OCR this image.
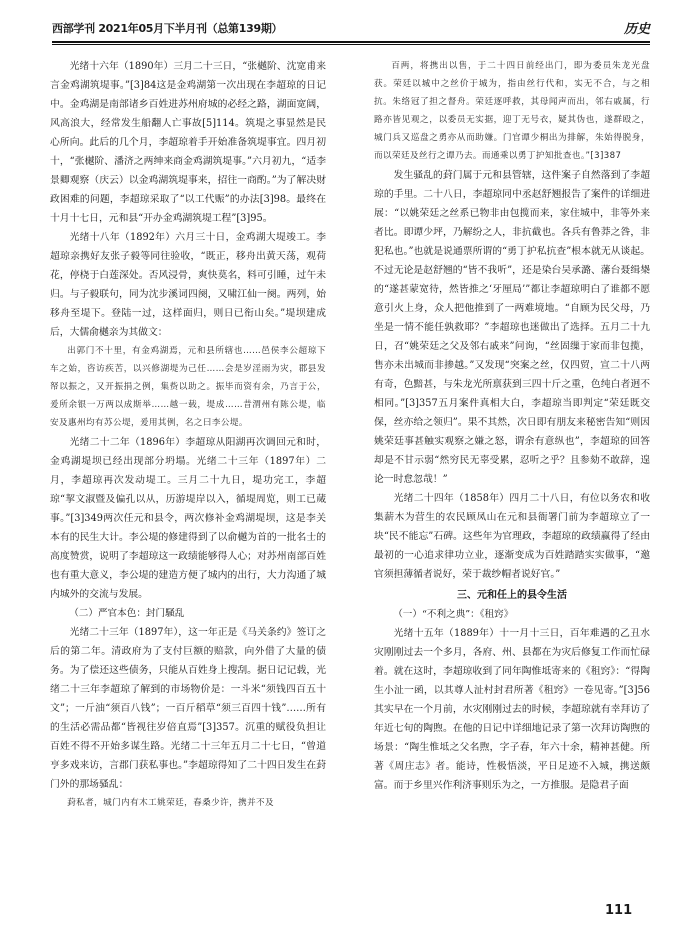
西部学刊 2021年05月下半月刊（总第139期）	历史

光绪十六年（1890年）三月二十三日，“张樾阶、沈宽甫来言金鸡湖筑堤事。”[3]84这是金鸡湖第一次出现在李超琼的日记中。金鸡湖是南部诸乡百姓进苏州府城的必经之路，湖面宽阔，风高浪大，经常发生船翻人亡事故[5]114。筑堤之事显然是民心所向。此后的几个月，李超琼着手开始准备筑堤事宜。四月初十，“张樾阶、潘济之两绅来商金鸡湖筑堤事。”六月初九，“适李景卿观察（庆云）以金鸡湖筑堤事来，招往一商酌。”为了解决财政困难的问题，李超琼采取了“以工代赈”的办法[3]98。最终在十月十七日，元和县“开办金鸡湖筑堤工程”[3]95。

光绪十八年（1892年）六月三十日，金鸡湖大堤竣工。李超琼亲携好友张子毅等同往验收，“既正，移舟出黄天荡，观荷花，停桡于白莲深处。否风浸骨，爽快莫名，料可引睡，过午未归。与子毅联句，同为沈步溪词四阕，又啸江仙一阕。两列，始移舟至堤下。登陆一过，这样面归，则日已衔山矣。”堤坝建成后，大儒俞樾亲为其做文：

出郭门不十里，有金鸡湖焉，元和县所辖也……邑侯李公超琼下车之始，咨访疾苦，以兴修湖堤为己任……会是岁淫雨为灾，郡县发帑以振之，又开振捐之例，集赀以助之。振毕而资有余，乃言于公，爰所余银一万两以成斯举……越一载，堤成……昔渭州有陈公堤，临安及惠州均有苏公堤，爰用其例，名之曰李公堤。

光绪二十二年（1896年）李超琼从阳湖再次调回元和时，金鸡湖堤坝已经出现部分坍塌。光绪二十三年（1897年）二月，李超琼再次发动堤工。三月二十九日，堤功完工，李超琼“挈文淑暨及偏孔以从，历游堤岸以入，循堤周览，则工已蒇事。”[3]349两次任元和县令，两次修补金鸡湖堤坝，这是李关本有的民生大计。李公堤的修建得到了以俞樾为首的一批名士的高度赞赏，说明了李超琼这一政绩能够得人心；对苏州南部百姓也有重大意义，李公堤的建造方便了城内的出行，大力沟通了城内城外的交流与发展。

（二）严官本色：封门騒乱

光绪二十三年（1897年），这一年正是《马关条约》签订之后的第二年。清政府为了支付巨额的赔款，向外借了大量的债务。为了偿还这些债务，只能从百姓身上搜刮。据日记记载，光绪二十三年李超琼了解到的市场物价是：一斗米“须钱四百五十文”；一斤油“须百八钱”；一百斤稻草“须三百四十钱”……所有的生活必需品都“皆视往岁倍直焉”[3]357。沉重的赋役负担让百姓不得不开始多谋生路。光绪二十三年五月二十七日，“曾道亨多戏来访，言郡门获私事也。”李超琼得知了二十四日发生在葑门外的那场骚乱：

葑私者，城门内有木工姚荣廷，春桑少许，携并不及

百两，将携出以售，于二十四日前经出门，即为委员朱龙光盘获。荣廷以城中之丝价于城为，指由丝行代和，实无不合，与之相抗。朱络冠了担之督舟。荣廷逐呼救，其母闻声而出，邻右戚属，行路亦皆见观之，以委员无实据，迎丁无号衣，疑其伪也，遂群殴之，城门兵又巡盘之勇亦从而助嫌。门官谭少桐出为排解，朱始得脱身，而以荣廷及丝行之谭乃去。而通乘以勇丁护知批查也。”[3]387

发生骚乱的葑门属于元和县管辖，这件案子自然落到了李超琼的手里。二十八日，李超琼同中丞赵舒翘报告了案件的详细进展：“以姚荣廷之丝系已物非由包揽而来，家住城中，非等外来者比。即谭少坪，乃解纷之人，非抗截也。各兵有鲁莽之咎，非犯私也。”也就是说通票所谓的“勇丁护私抗查”根本就无从谈起。不过无论是赵舒翘的“皆不我听”，还是染台吴承潞、藩台聂缉椝的“遂甚蒙宽待，然皆推之‘牙厘局’”都让李超琼明白了谁都不愿意引火上身，众人把他推到了一两难境地。“自顾为民父母，乃坐是一情不能任孰救耶？”李超琼也迷做出了选择。五月二十九日，召“姚荣廷之父及邻右戚来”问询，“丝固缫于家而非包揽，售亦未出城而非掺越。”又发现“突案之丝，仅四贸，宣二十八两有奇，色黯甚，与朱龙光所禀获到三四十斤之重，色纯白者迥不相同。”[3]357五月案件真相大白，李超琼当即判定“荣廷既交保，丝亦给之领归”。果不其然，次日即有朋友来秘密告知“则因姚荣廷事甚触实观察之嫌之怒，谓余有意纵也”，李超琼的回答却是不甘示弱“然穷民无辜受累，忍听之乎？且参劾不敢辞，遑论一时怠忽哉！”

光绪二十四年（1858年）四月二十八日，有位以务农和收集薪木为营生的农民顾凤山在元和县衙署门前为李超琼立了一块“民不能忘”石碑。这些年为官理政，李超琼的政绩赢得了经由最初的一心追求律功立业，逐渐变成为百姓踏踏实实做事，“邀官须担薄循者说好，荣于裁纱帽者说好官。”

三、元和任上的县令生活

（一）“不利之典”：《租窍》

光绪十五年（1889年）十一月十三日，百年难遇的乙丑水灾刚刚过去一个多月，各府、州、县都在为灾后修复工作而忙碌着。就在这时，李超琼收到了同年陶惟坻寄来的《租窍》：“得陶生小沚一函，以其尊人沚村封君所著《租窍》一卷见寄。”[3]56其实早在一个月前，水灾刚刚过去的时候，李超琼就有幸拜访了年近七旬的陶煦。在他的日记中详细地记录了第一次拜访陶煦的场景：“陶生惟坻之父名煦，字子春，年六十余，精神甚健。所著《周庄志》者。能诗，性极悟淡，平日足迹不入城，携送颇富。而于乡里兴作利济事则乐为之，一方推服。是隐君子面

111
